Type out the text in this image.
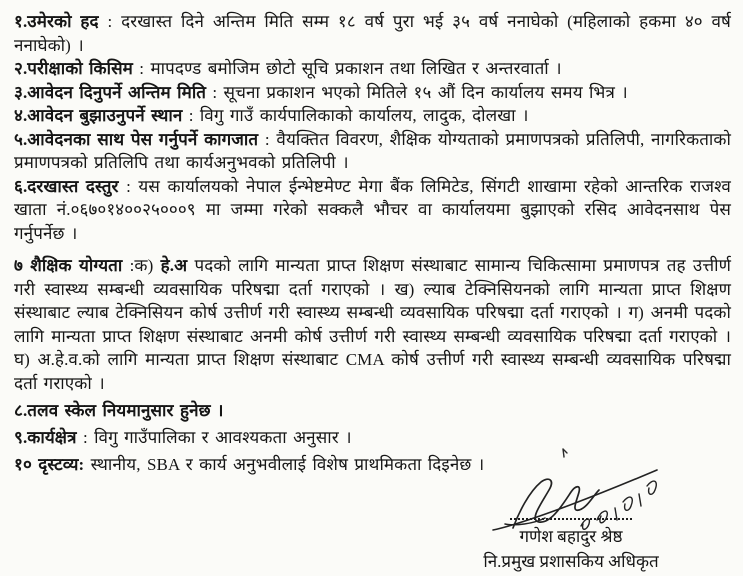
१.उमेरको हद : दरखास्त दिने अन्तिम मिति सम्म १८ वर्ष पुरा भई ३५ वर्ष ननाघेको (महिलाको हकमा ४० वर्ष ननाघेको) ।

२.परीक्षाको किसिम : मापदण्ड बमोजिम छोटो सूचि प्रकाशन तथा लिखित र अन्तरवार्ता ।

३.आवेदन दिनुपर्ने अन्तिम मिति : सूचना प्रकाशन भएको मितिले १५ औं दिन कार्यालय समय भित्र ।

४.आवेदन बुझाउनुपर्ने स्थान : विगु गाउँ कार्यपालिकाको कार्यालय, लादुक, दोलखा ।

५.आवेदनका साथ पेस गर्नुपर्ने कागजात : वैयक्तित विवरण, शैक्षिक योग्यताको प्रमाणपत्रको प्रतिलिपी, नागरिकताको प्रमाणपत्रको प्रतिलिपि तथा कार्यअनुभवको प्रतिलिपी ।

६.दरखास्त दस्तुर : यस कार्यालयको नेपाल ईन्भेष्टमेण्ट मेगा बैंक लिमिटेड, सिंगटी शाखामा रहेको आन्तरिक राजश्व खाता नं.०६७०१४००२५०००९ मा जम्मा गरेको सक्कलै भौचर वा कार्यालयमा बुझाएको रसिद आवेदनसाथ पेस गर्नुपर्नेछ ।

७ शैक्षिक योग्यता :क) हे.अ पदको लागि मान्यता प्राप्त शिक्षण संस्थाबाट सामान्य चिकित्सामा प्रमाणपत्र तह उत्तीर्ण गरी स्वास्थ्य सम्बन्धी व्यवसायिक परिषद्मा दर्ता गराएको । ख) ल्याब टेक्निसियनको लागि मान्यता प्राप्त शिक्षण संस्थाबाट ल्याब टेक्निसियन कोर्ष उत्तीर्ण गरी स्वास्थ्य सम्बन्धी व्यवसायिक परिषद्मा दर्ता गराएको । ग) अनमी पदको लागि मान्यता प्राप्त शिक्षण संस्थाबाट अनमी कोर्ष उत्तीर्ण गरी स्वास्थ्य सम्बन्धी व्यवसायिक परिषद्मा दर्ता गराएको । घ) अ.हे.व.को लागि मान्यता प्राप्त शिक्षण संस्थाबाट CMA कोर्ष उत्तीर्ण गरी स्वास्थ्य सम्बन्धी व्यवसायिक परिषद्मा दर्ता गराएको ।

८.तलव स्केल नियमानुसार हुनेछ ।

९.कार्यक्षेत्र : विगु गाउँपालिका र आवश्यकता अनुसार ।

१० दृस्टव्य: स्थानीय, SBA र कार्य अनुभवीलाई विशेष प्राथमिकता दिइनेछ ।

गणेश बहादुर श्रेष्ठ
नि.प्रमुख प्रशासकिय अधिकृत
